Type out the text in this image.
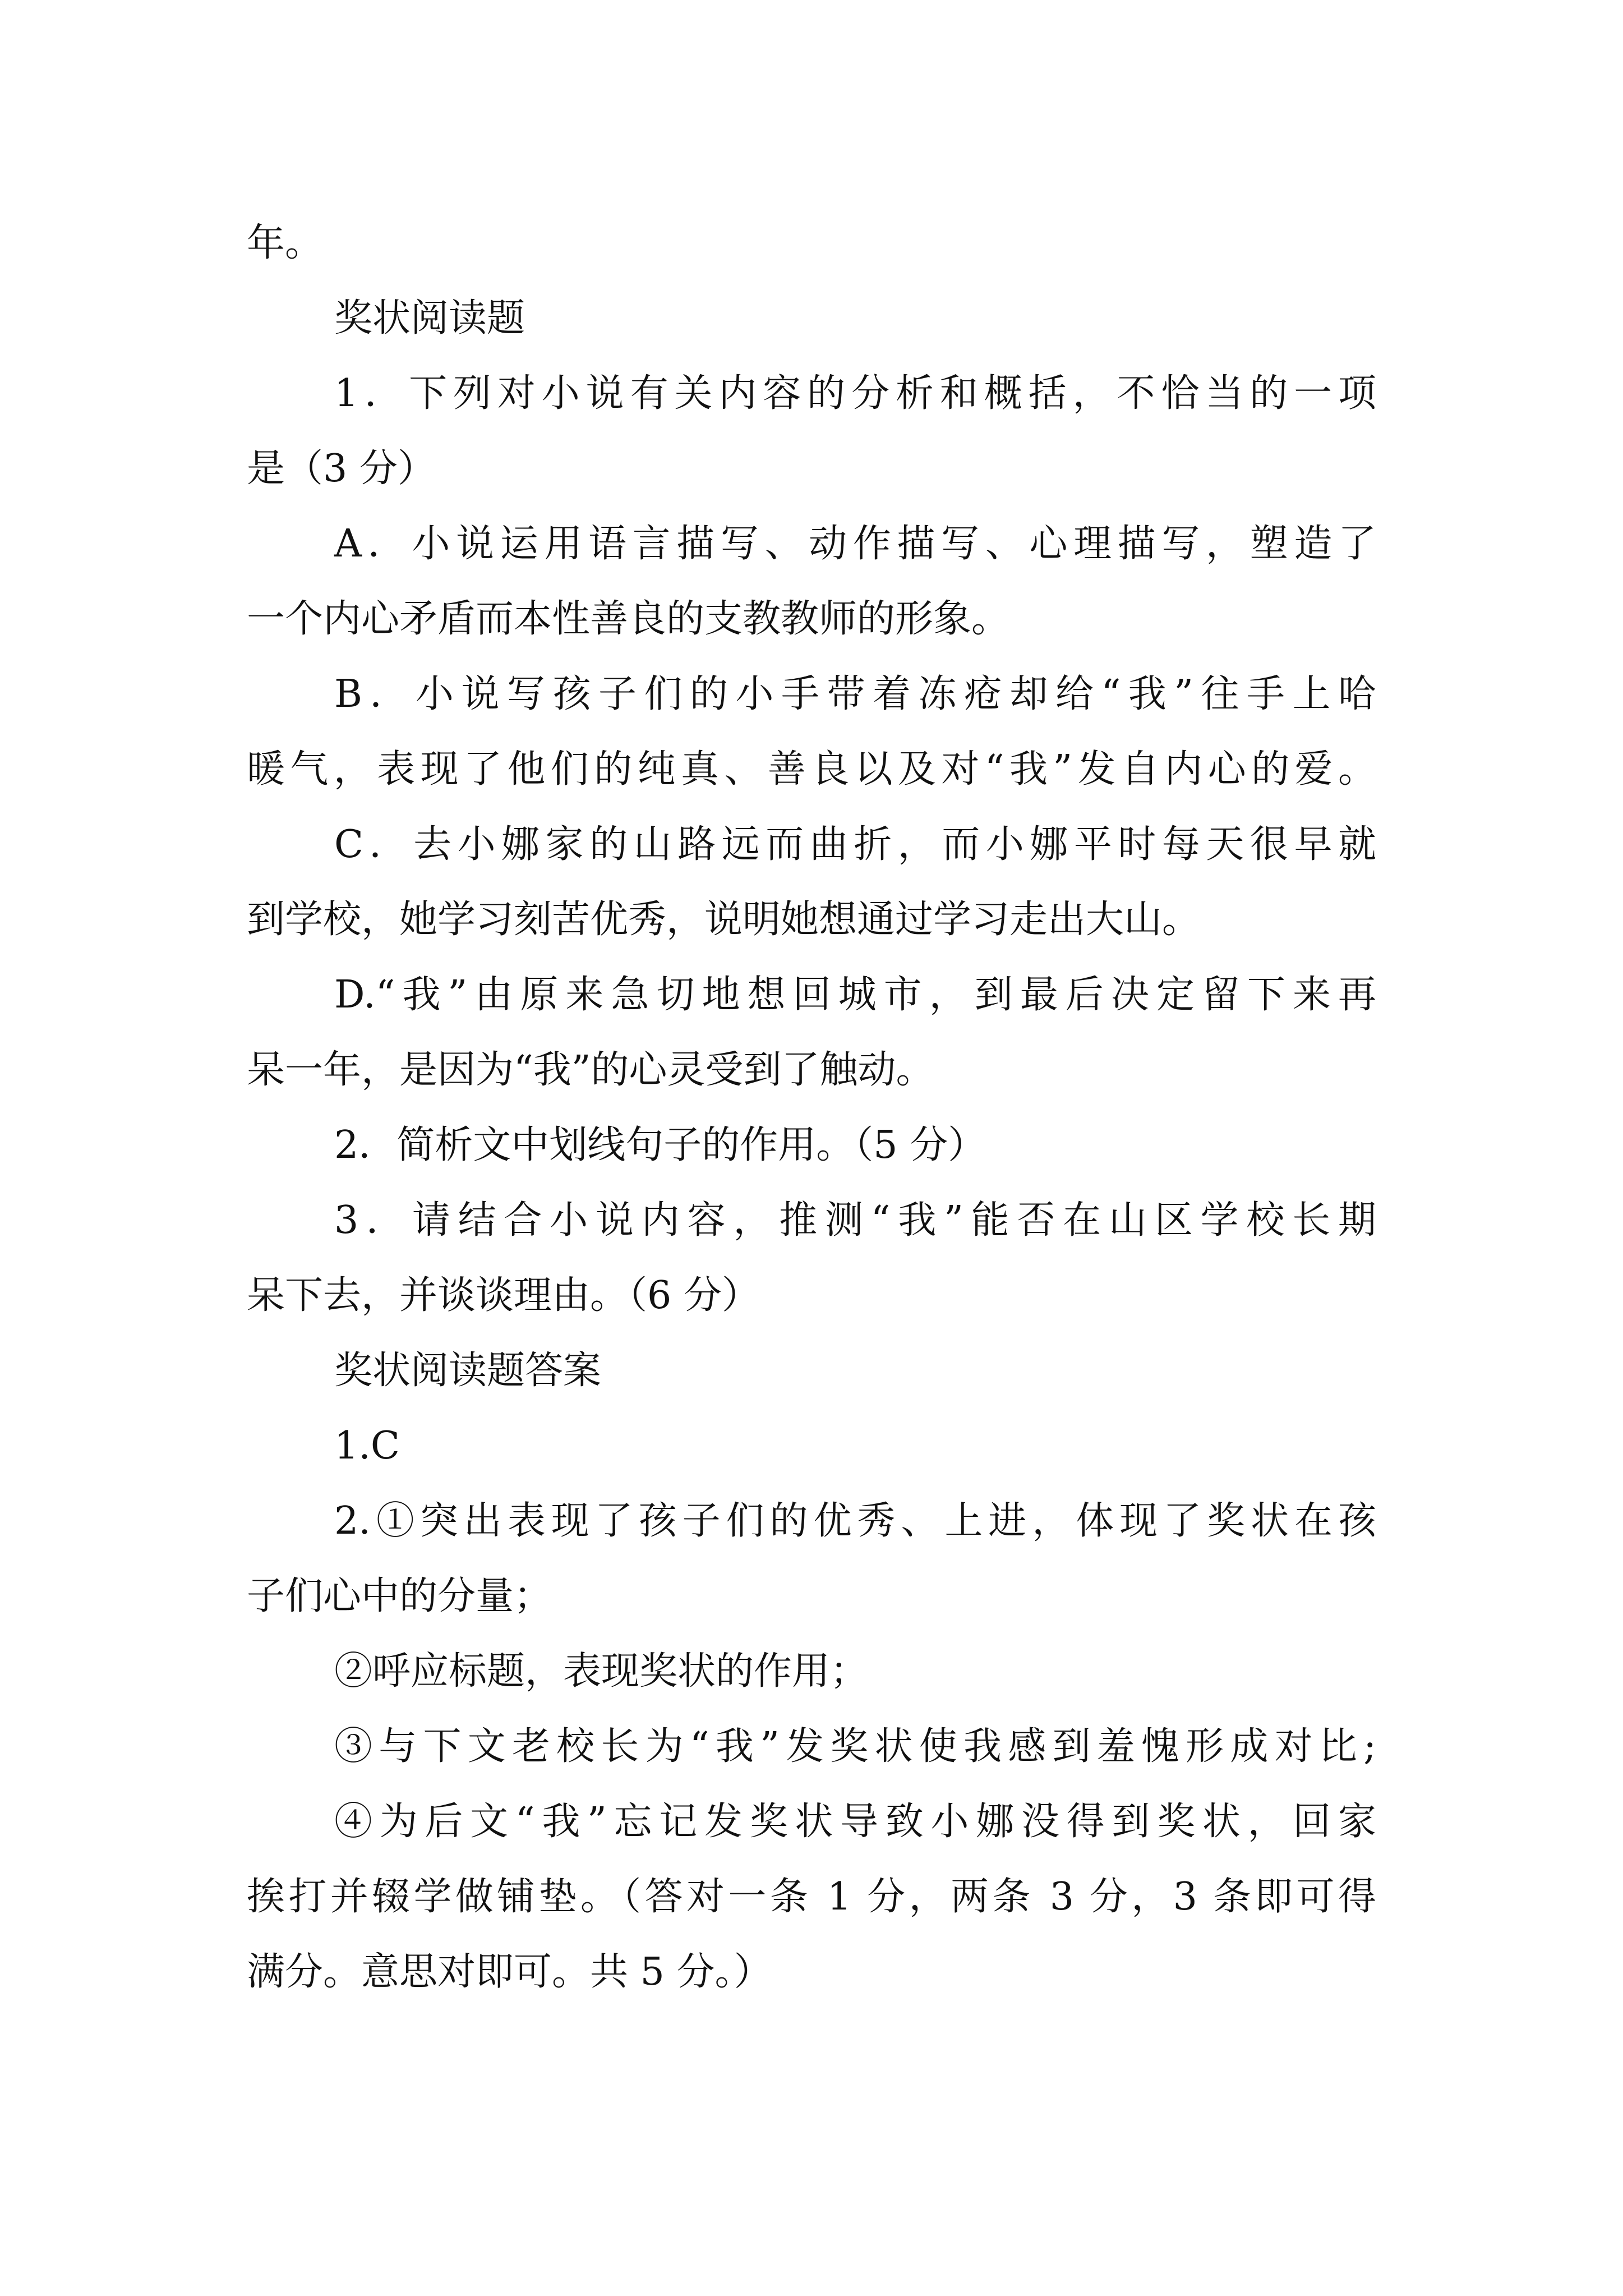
年。
奖状阅读题
1．下列对小说有关内容的分析和概括，不恰当的一项
是（3 分）
A．小说运用语言描写、动作描写、心理描写，塑造了
一个内心矛盾而本性善良的支教教师的形象。
B．小说写孩子们的小手带着冻疮却给“我”往手上哈
暖气，表现了他们的纯真、善良以及对“我”发自内心的爱。
C．去小娜家的山路远而曲折，而小娜平时每天很早就
到学校，她学习刻苦优秀，说明她想通过学习走出大山。
D.“我”由原来急切地想回城市，到最后决定留下来再
呆一年，是因为“我”的心灵受到了触动。
2．简析文中划线句子的作用。（5 分）
3．请结合小说内容，推测“我”能否在山区学校长期
呆下去，并谈谈理由。（6 分）
奖状阅读题答案
1.C
2.①突出表现了孩子们的优秀、上进，体现了奖状在孩
子们心中的分量；
②呼应标题，表现奖状的作用；
③与下文老校长为“我”发奖状使我感到羞愧形成对比;
④为后文“我”忘记发奖状导致小娜没得到奖状，回家
挨打并辍学做铺垫。（答对一条 1 分，两条 3 分，3 条即可得
满分。意思对即可。共 5 分。）
